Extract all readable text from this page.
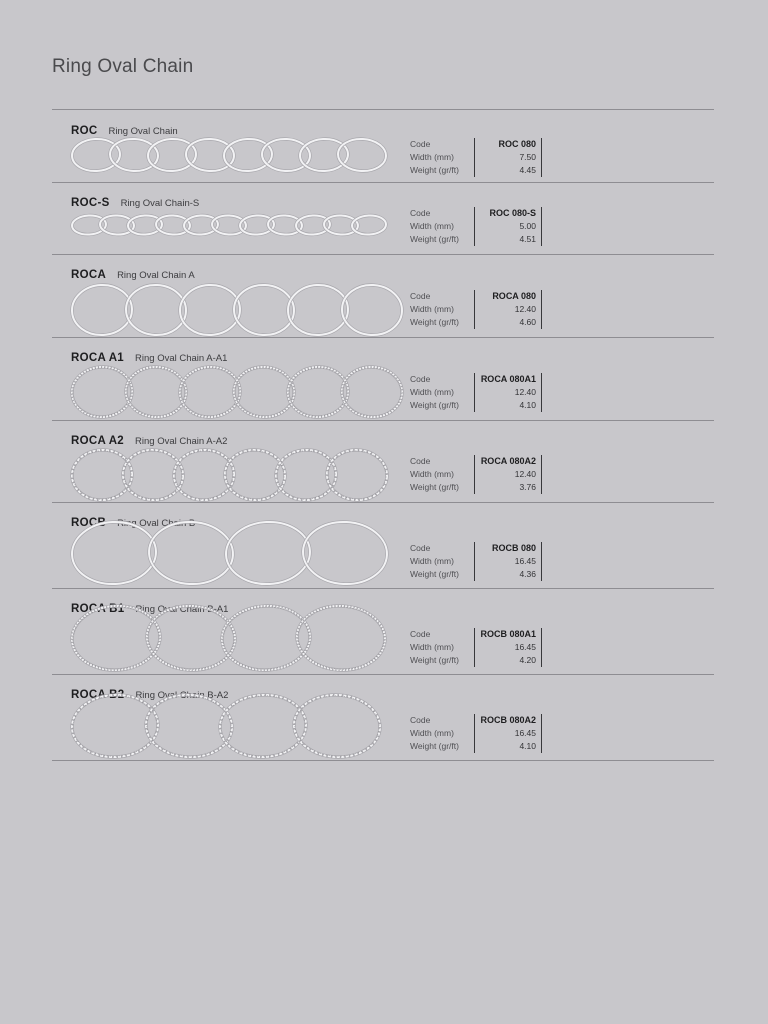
Ring Oval Chain
ROC Ring Oval Chain
Code	ROC 080
Width (mm)	7.50
Weight (gr/ft)	4.45
ROC-S Ring Oval Chain-S
Code	ROC 080-S
Width (mm)	5.00
Weight (gr/ft)	4.51
ROCA Ring Oval Chain A
Code	ROCA 080
Width (mm)	12.40
Weight (gr/ft)	4.60
ROCA A1 Ring Oval Chain A-A1
Code	ROCA 080A1
Width (mm)	12.40
Weight (gr/ft)	4.10
ROCA A2 Ring Oval Chain A-A2
Code	ROCA 080A2
Width (mm)	12.40
Weight (gr/ft)	3.76
ROCB Ring Oval Chain B
Code	ROCB 080
Width (mm)	16.45
Weight (gr/ft)	4.36
ROCA B1 Ring Oval Chain B-A1
Code	ROCB 080A1
Width (mm)	16.45
Weight (gr/ft)	4.20
ROCA B2 Ring Oval Chain B-A2
Code	ROCB 080A2
Width (mm)	16.45
Weight (gr/ft)	4.10
